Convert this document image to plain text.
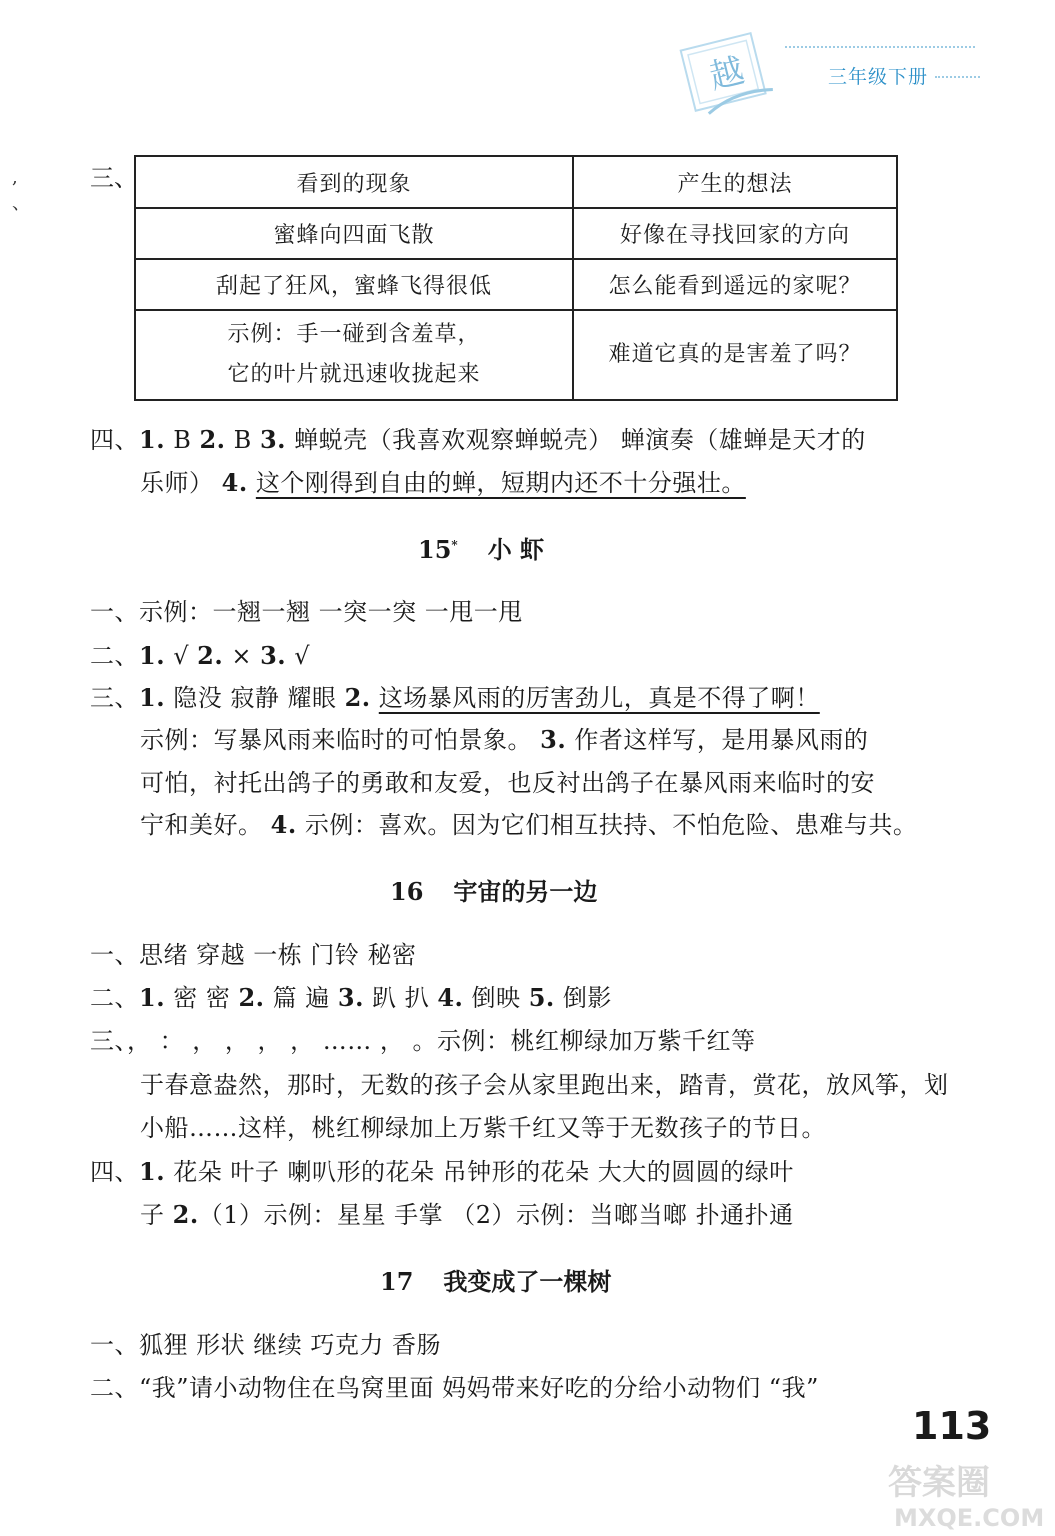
越	三年级下册
,
、
三、	看到的现象	产生的想法
蜜蜂向四面飞散	好像在寻找回家的方向
刮起了狂风，蜜蜂飞得很低	怎么能看到遥远的家呢？
示例：手一碰到含羞草，
它的叶片就迅速收拢起来	难道它真的是害羞了吗？
四、1. B 2. B 3. 蝉蜕壳（我喜欢观察蝉蜕壳） 蝉演奏（雄蝉是天才的
乐师） 4. 这个刚得到自由的蝉，短期内还不十分强壮。
15* 小 虾
一、示例：一翘一翘 一突一突 一甩一甩
二、1. √ 2. × 3. √
三、1. 隐没 寂静 耀眼 2. 这场暴风雨的厉害劲儿，真是不得了啊！
示例：写暴风雨来临时的可怕景象。 3. 作者这样写，是用暴风雨的
可怕，衬托出鸽子的勇敢和友爱，也反衬出鸽子在暴风雨来临时的安
宁和美好。 4. 示例：喜欢。因为它们相互扶持、不怕危险、患难与共。
16 宇宙的另一边
一、思绪 穿越 一栋 门铃 秘密
二、1. 密 密 2. 篇 遍 3. 趴 扒 4. 倒映 5. 倒影
三、， ： ， ， ， ， …… ， 。示例：桃红柳绿加万紫千红等
于春意盎然，那时，无数的孩子会从家里跑出来，踏青，赏花，放风筝，划
小船……这样，桃红柳绿加上万紫千红又等于无数孩子的节日。
四、1. 花朵 叶子 喇叭形的花朵 吊钟形的花朵 大大的圆圆的绿叶
子 2.（1）示例：星星 手掌 （2）示例：当啷当啷 扑通扑通
17 我变成了一棵树
一、狐狸 形状 继续 巧克力 香肠
二、“我”请小动物住在鸟窝里面 妈妈带来好吃的分给小动物们 “我”
113
答案圈
MXQE.COM
